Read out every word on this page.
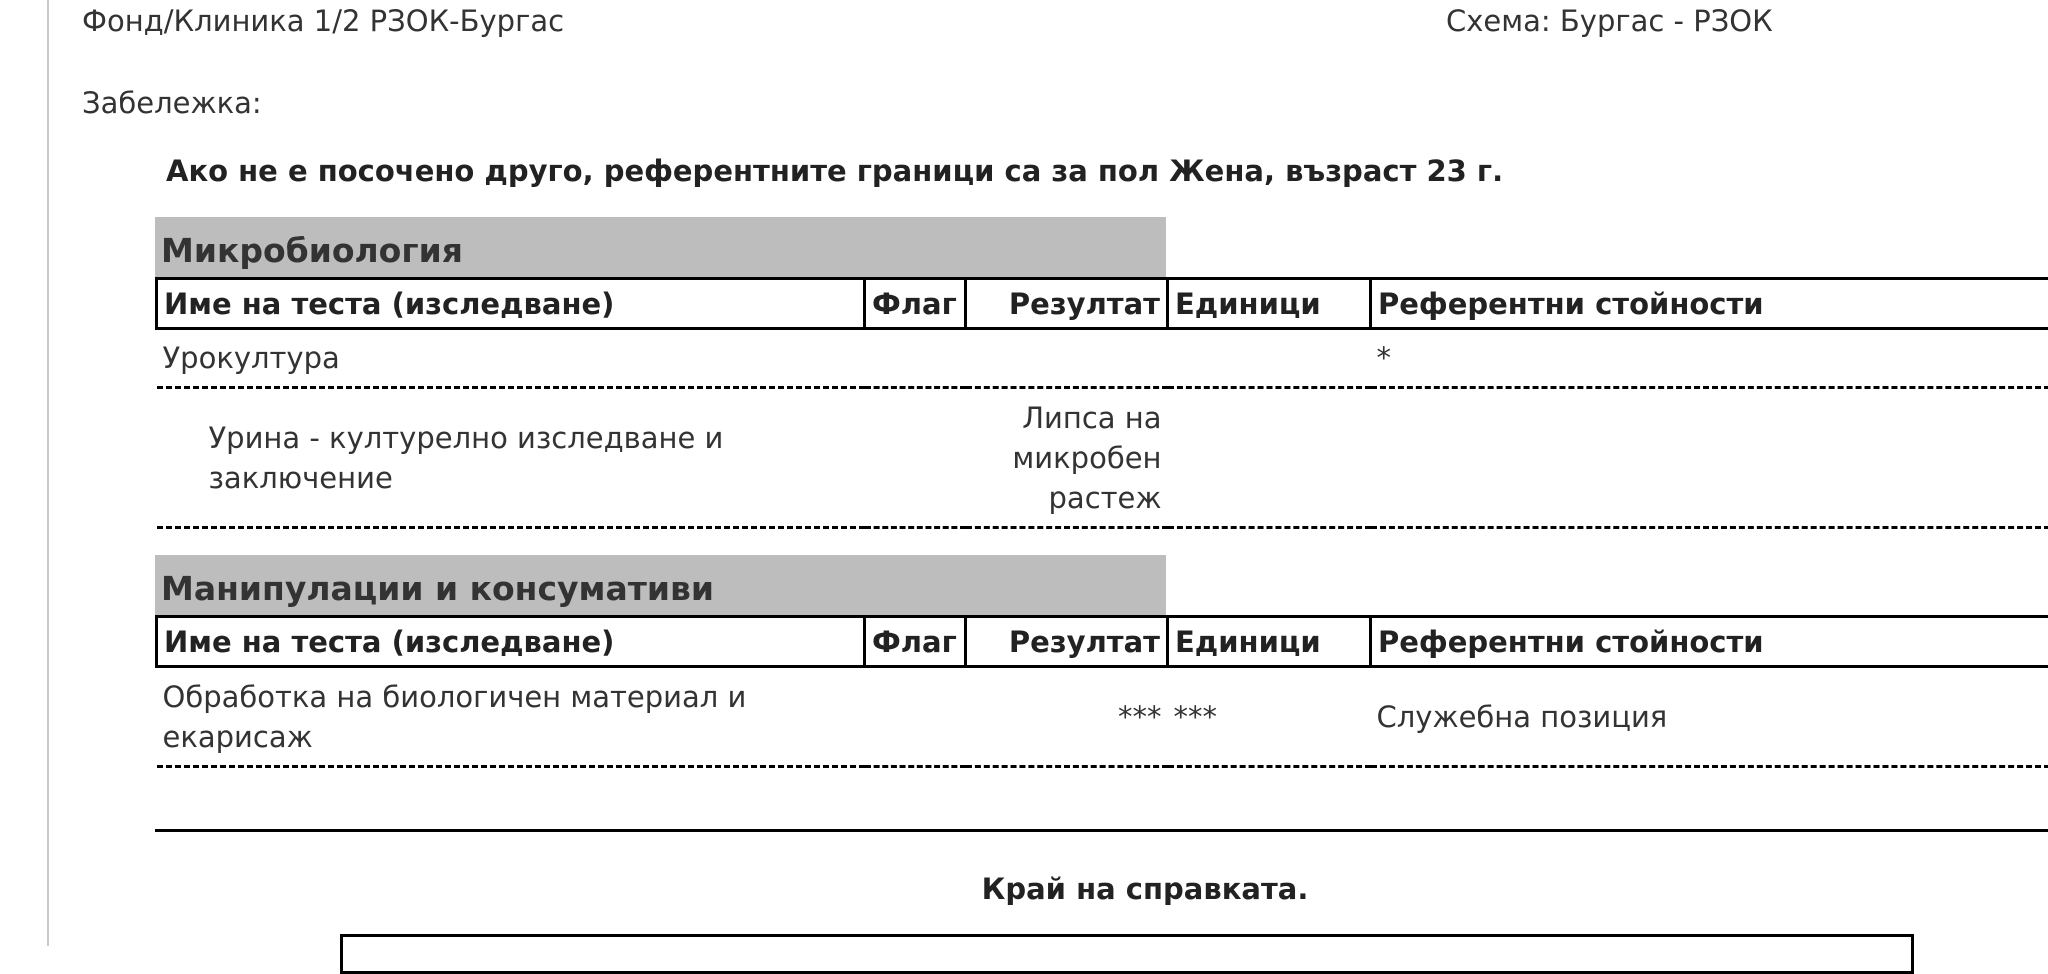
Фонд/Клиника 1/2 РЗОК-Бургас	Схема: Бургас - РЗОК
Забележка:
Ако не е посочено друго, референтните граници са за пол Жена, възраст 23 г.
Микробиология
Име на теста (изследване)	Флаг	Резултат	Единици	Референтни стойности
Урокултура				*
Урина - културелно изследване и заключение		Липса на микробен растеж		
Манипулации и консумативи
Име на теста (изследване)	Флаг	Резултат	Единици	Референтни стойности
Обработка на биологичен материал и екарисаж		***	***	Служебна позиция
Край на справката.
